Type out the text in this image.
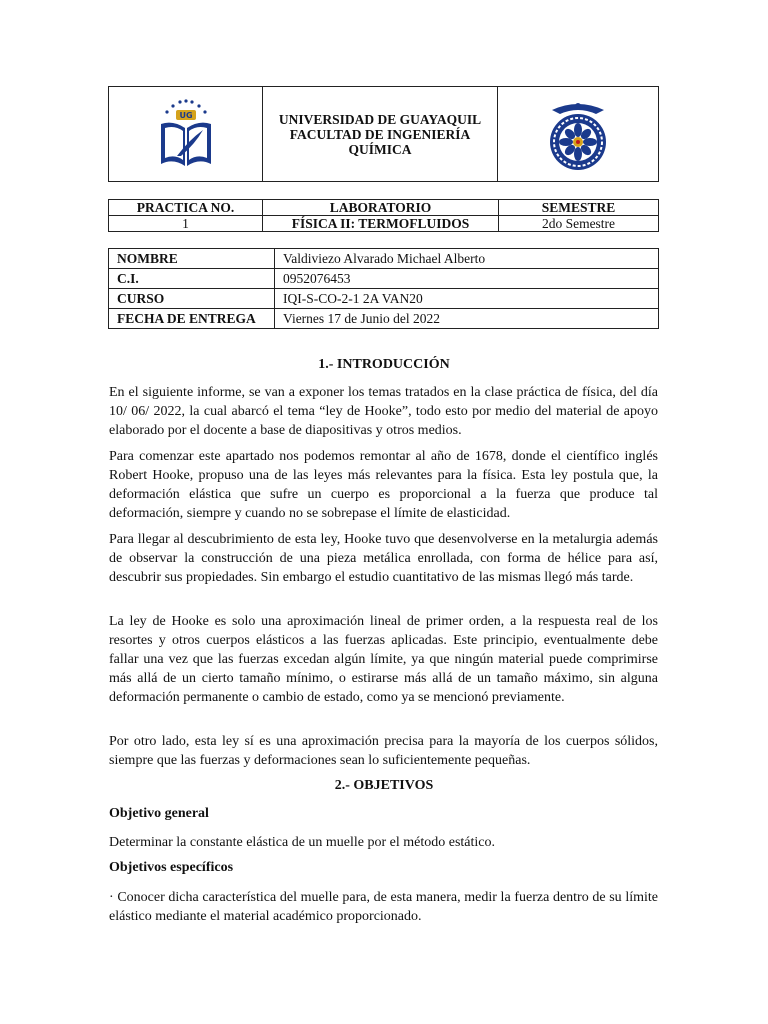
UG	UNIVERSIDAD DE GUAYAQUIL
FACULTAD DE INGENIERÍA
QUÍMICA
PRACTICA NO.	LABORATORIO	SEMESTRE
1	FÍSICA II: TERMOFLUIDOS	2do Semestre
NOMBRE	Valdiviezo Alvarado Michael Alberto
C.I.	0952076453
CURSO	IQI-S-CO-2-1 2A VAN20
FECHA DE ENTREGA	Viernes 17 de Junio del 2022
1.- INTRODUCCIÓN

En el siguiente informe, se van a exponer los temas tratados en la clase práctica de física, del día 10/ 06/ 2022, la cual abarcó el tema “ley de Hooke”, todo esto por medio del material de apoyo elaborado por el docente a base de diapositivas y otros medios.

Para comenzar este apartado nos podemos remontar al año de 1678, donde el científico inglés Robert Hooke, propuso una de las leyes más relevantes para la física. Esta ley postula que, la deformación elástica que sufre un cuerpo es proporcional a la fuerza que produce tal deformación, siempre y cuando no se sobrepase el límite de elasticidad.

Para llegar al descubrimiento de esta ley, Hooke tuvo que desenvolverse en la metalurgia además de observar la construcción de una pieza metálica enrollada, con forma de hélice para así, descubrir sus propiedades. Sin embargo el estudio cuantitativo de las mismas llegó más tarde.

La ley de Hooke es solo una aproximación lineal de primer orden, a la respuesta real de los resortes y otros cuerpos elásticos a las fuerzas aplicadas. Este principio, eventualmente debe fallar una vez que las fuerzas excedan algún límite, ya que ningún material puede comprimirse más allá de un cierto tamaño mínimo, o estirarse más allá de un tamaño máximo, sin alguna deformación permanente o cambio de estado, como ya se mencionó previamente.

Por otro lado, esta ley sí es una aproximación precisa para la mayoría de los cuerpos sólidos, siempre que las fuerzas y deformaciones sean lo suficientemente pequeñas.

2.- OBJETIVOS

Objetivo general

Determinar la constante elástica de un muelle por el método estático.

Objetivos específicos

· Conocer dicha característica del muelle para, de esta manera, medir la fuerza dentro de su límite elástico mediante el material académico proporcionado.
